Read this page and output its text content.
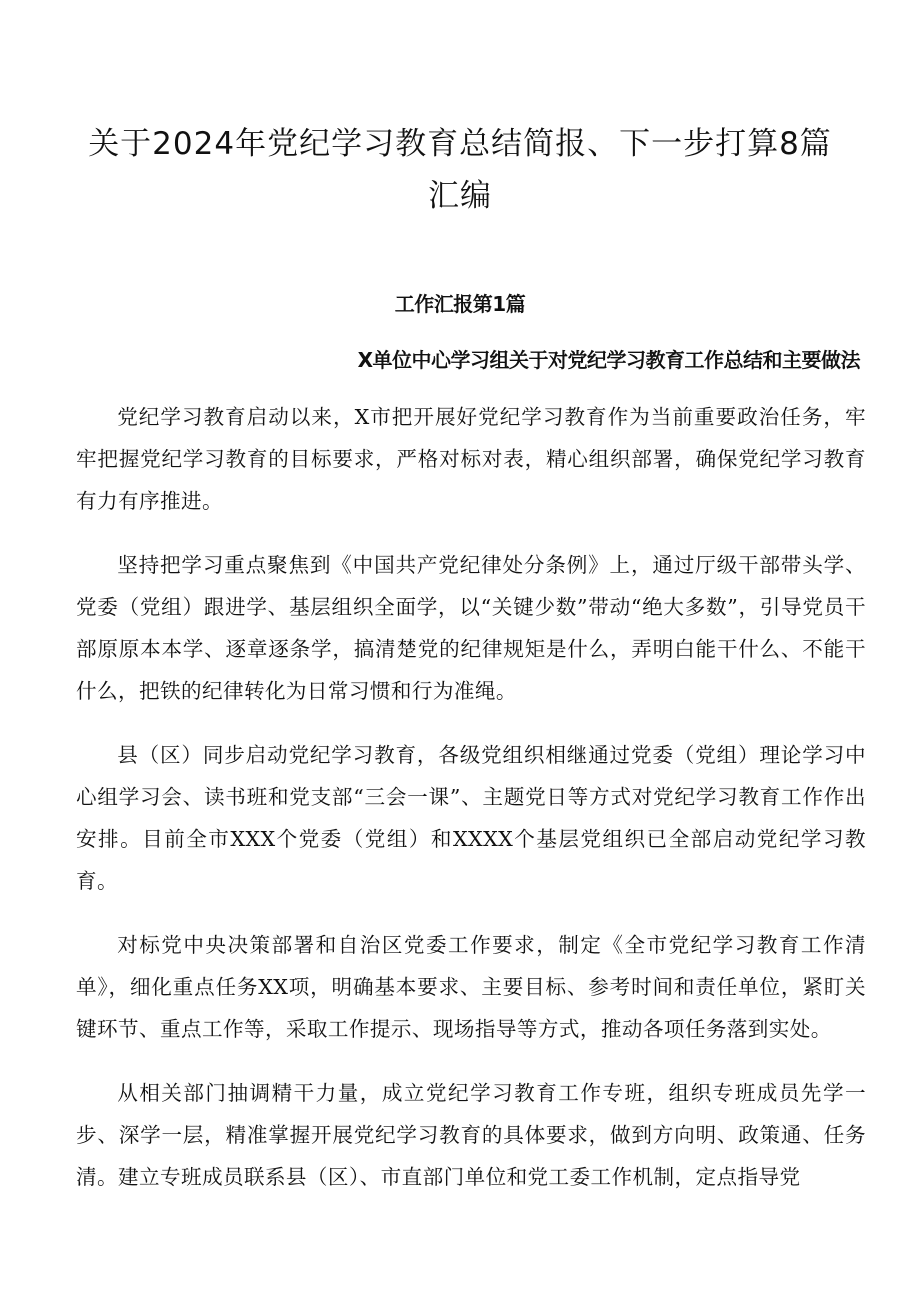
关于2024年党纪学习教育总结简报、下一步打算8篇汇编
工作汇报第1篇
X单位中心学习组关于对党纪学习教育工作总结和主要做法

党纪学习教育启动以来，X市把开展好党纪学习教育作为当前重要政治任务，牢牢把握党纪学习教育的目标要求，严格对标对表，精心组织部署，确保党纪学习教育有力有序推进。

坚持把学习重点聚焦到《中国共产党纪律处分条例》上，通过厅级干部带头学、党委（党组）跟进学、基层组织全面学，以“关键少数”带动“绝大多数”，引导党员干部原原本本学、逐章逐条学，搞清楚党的纪律规矩是什么，弄明白能干什么、不能干什么，把铁的纪律转化为日常习惯和行为准绳。

县（区）同步启动党纪学习教育，各级党组织相继通过党委（党组）理论学习中心组学习会、读书班和党支部“三会一课”、主题党日等方式对党纪学习教育工作作出安排。目前全市XXX个党委（党组）和XXXX个基层党组织已全部启动党纪学习教育。

对标党中央决策部署和自治区党委工作要求，制定《全市党纪学习教育工作清单》，细化重点任务XX项，明确基本要求、主要目标、参考时间和责任单位，紧盯关键环节、重点工作等，采取工作提示、现场指导等方式，推动各项任务落到实处。

从相关部门抽调精干力量，成立党纪学习教育工作专班，组织专班成员先学一步、深学一层，精准掌握开展党纪学习教育的具体要求，做到方向明、政策通、任务清。建立专班成员联系县（区）、市直部门单位和党工委工作机制，定点指导党
